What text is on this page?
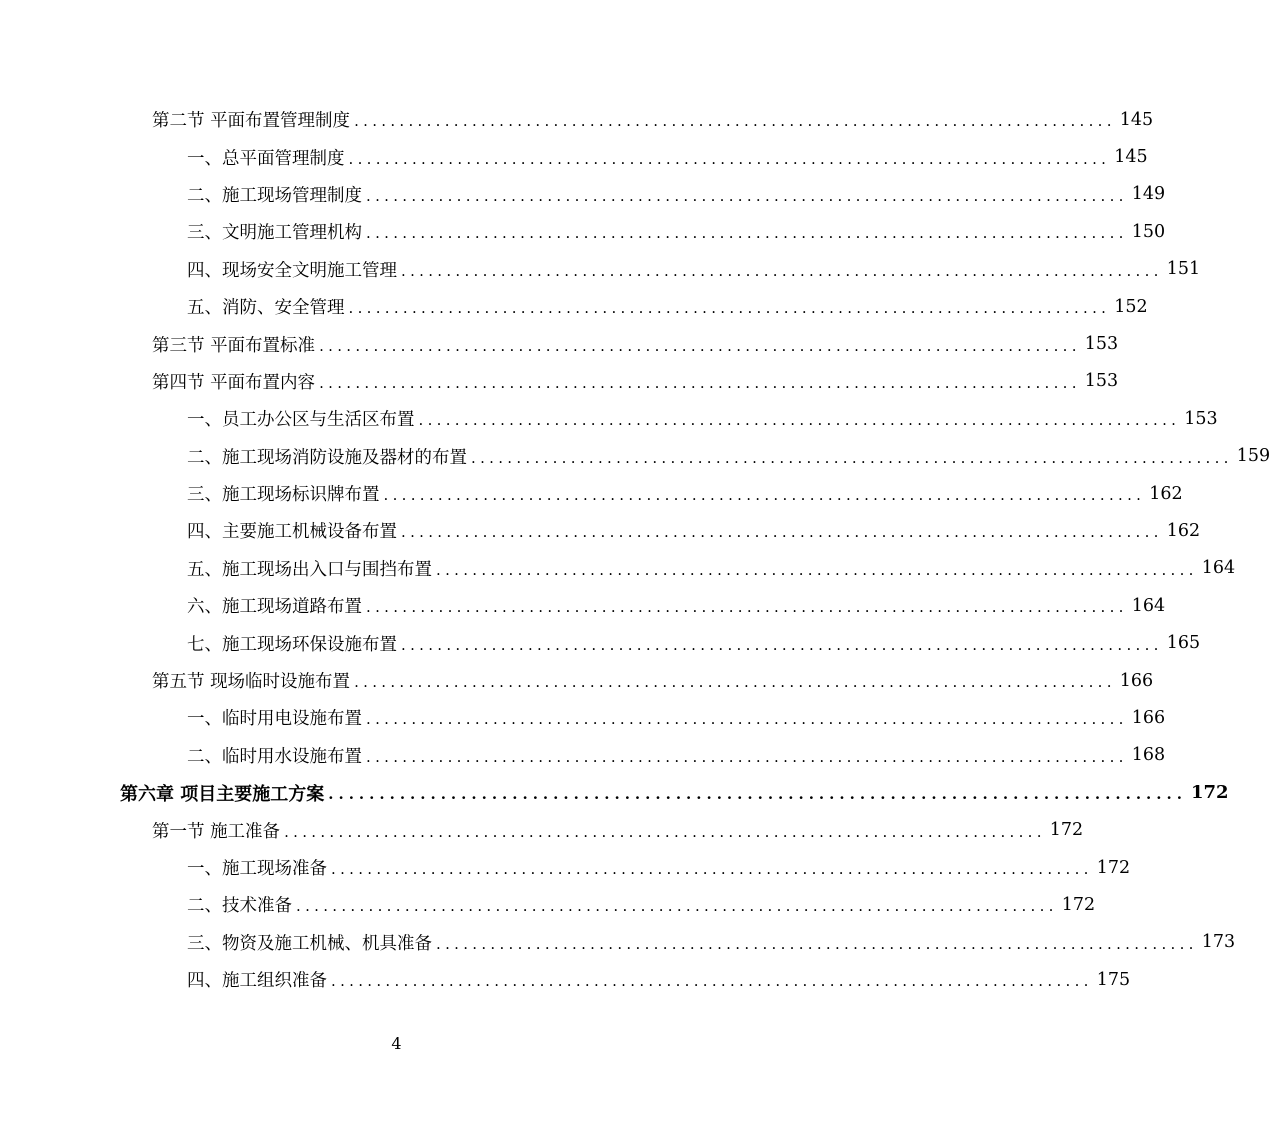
第二节 平面布置管理制度 .................................................................................... 145
一、总平面管理制度 .................................................................................... 145
二、施工现场管理制度 .................................................................................... 149
三、文明施工管理机构 .................................................................................... 150
四、现场安全文明施工管理 .................................................................................... 151
五、消防、安全管理 .................................................................................... 152
第三节 平面布置标准 .................................................................................... 153
第四节 平面布置内容 .................................................................................... 153
一、员工办公区与生活区布置 .................................................................................... 153
二、施工现场消防设施及器材的布置 .................................................................................... 159
三、施工现场标识牌布置 .................................................................................... 162
四、主要施工机械设备布置 .................................................................................... 162
五、施工现场出入口与围挡布置 .................................................................................... 164
六、施工现场道路布置 .................................................................................... 164
七、施工现场环保设施布置 .................................................................................... 165
第五节 现场临时设施布置 .................................................................................... 166
一、临时用电设施布置 .................................................................................... 166
二、临时用水设施布置 .................................................................................... 168
第六章 项目主要施工方案 .................................................................................... 172
第一节 施工准备 .................................................................................... 172
一、施工现场准备 .................................................................................... 172
二、技术准备 .................................................................................... 172
三、物资及施工机械、机具准备 .................................................................................... 173
四、施工组织准备 .................................................................................... 175
4
